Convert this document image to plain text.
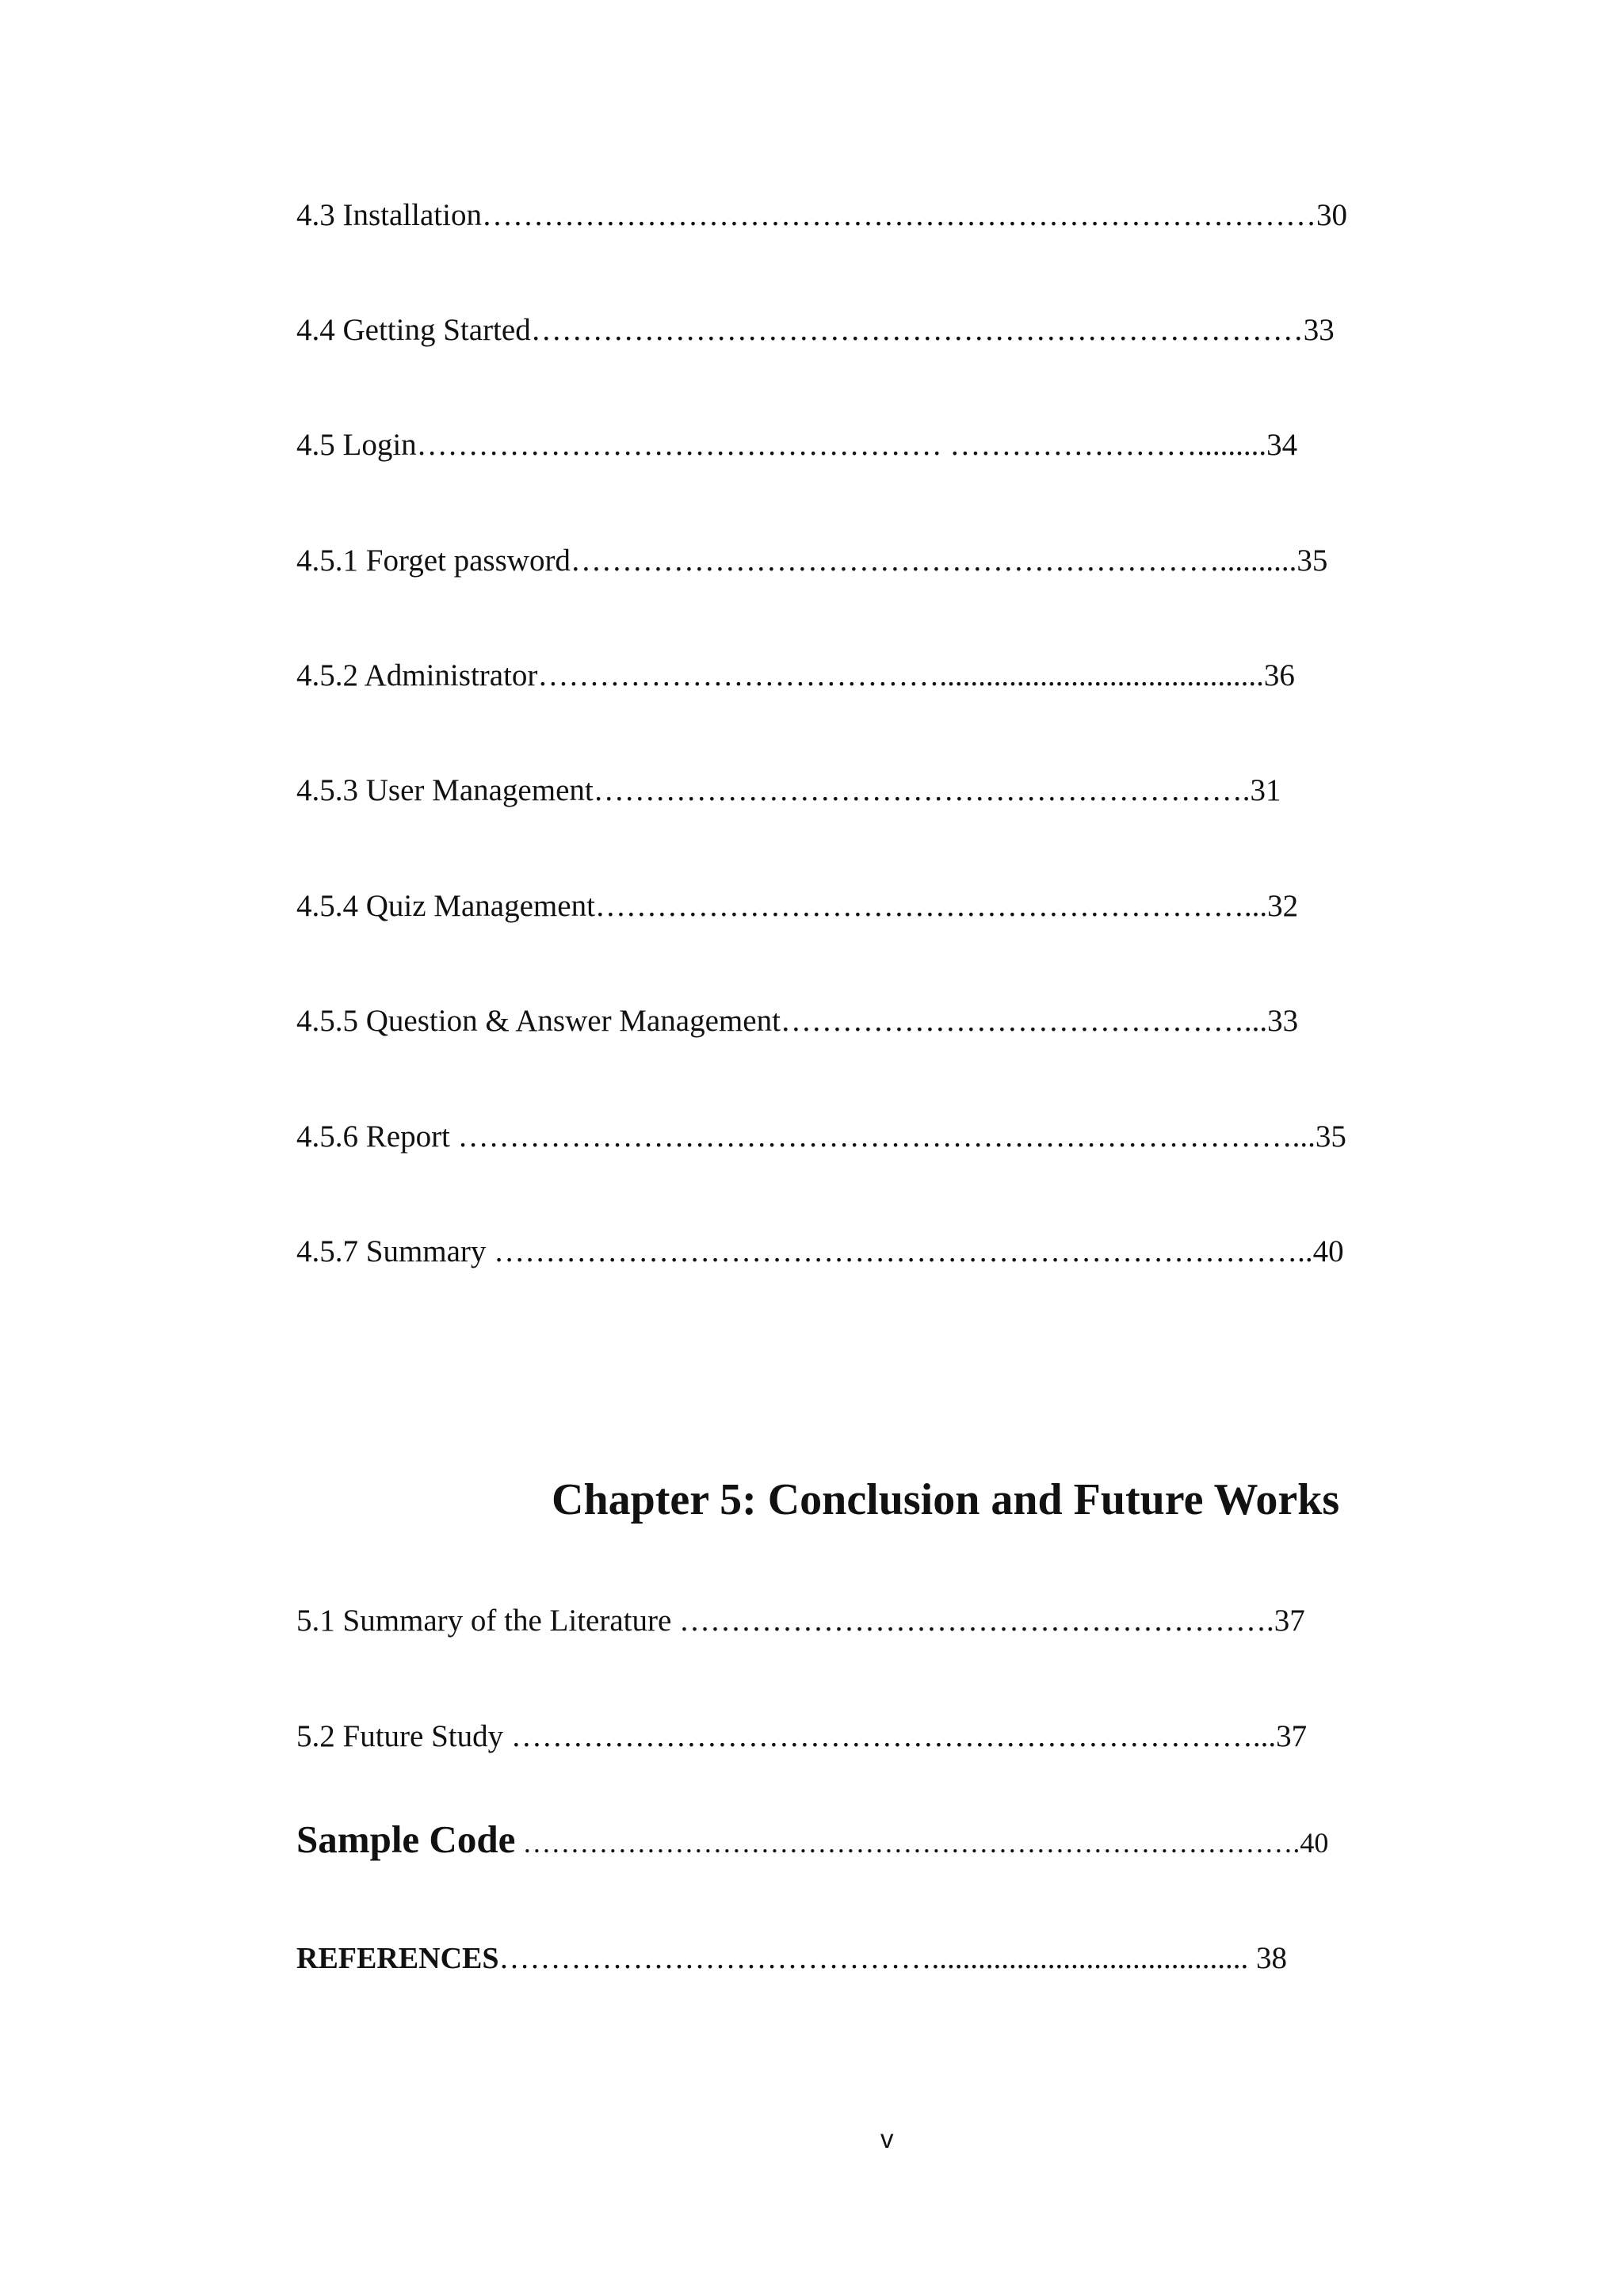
4.3 Installation………………………………………………………………………30
4.4 Getting Started…………………………………………………………………33
4.5 Login…………………………………………… …………………….........34
4.5.1 Forget password………………………………………………………..........35
4.5.2 Administrator…………………………………..........................................36
4.5.3 User Management……………………………………………………….31
4.5.4 Quiz Management………………………………………………………...32
4.5.5 Question & Answer Management………………………………………...33
4.5.6 Report ………………………………………………………………………...35
4.5.7 Summary ……………………………………………………………………..40
Chapter 5: Conclusion and Future Works
5.1 Summary of the Literature ………………………………………………….37
5.2 Future Study ………………………………………………………………...37
Sample Code ……………………………………………………………………….40
REFERENCES……………………………………......................................... 38
v
